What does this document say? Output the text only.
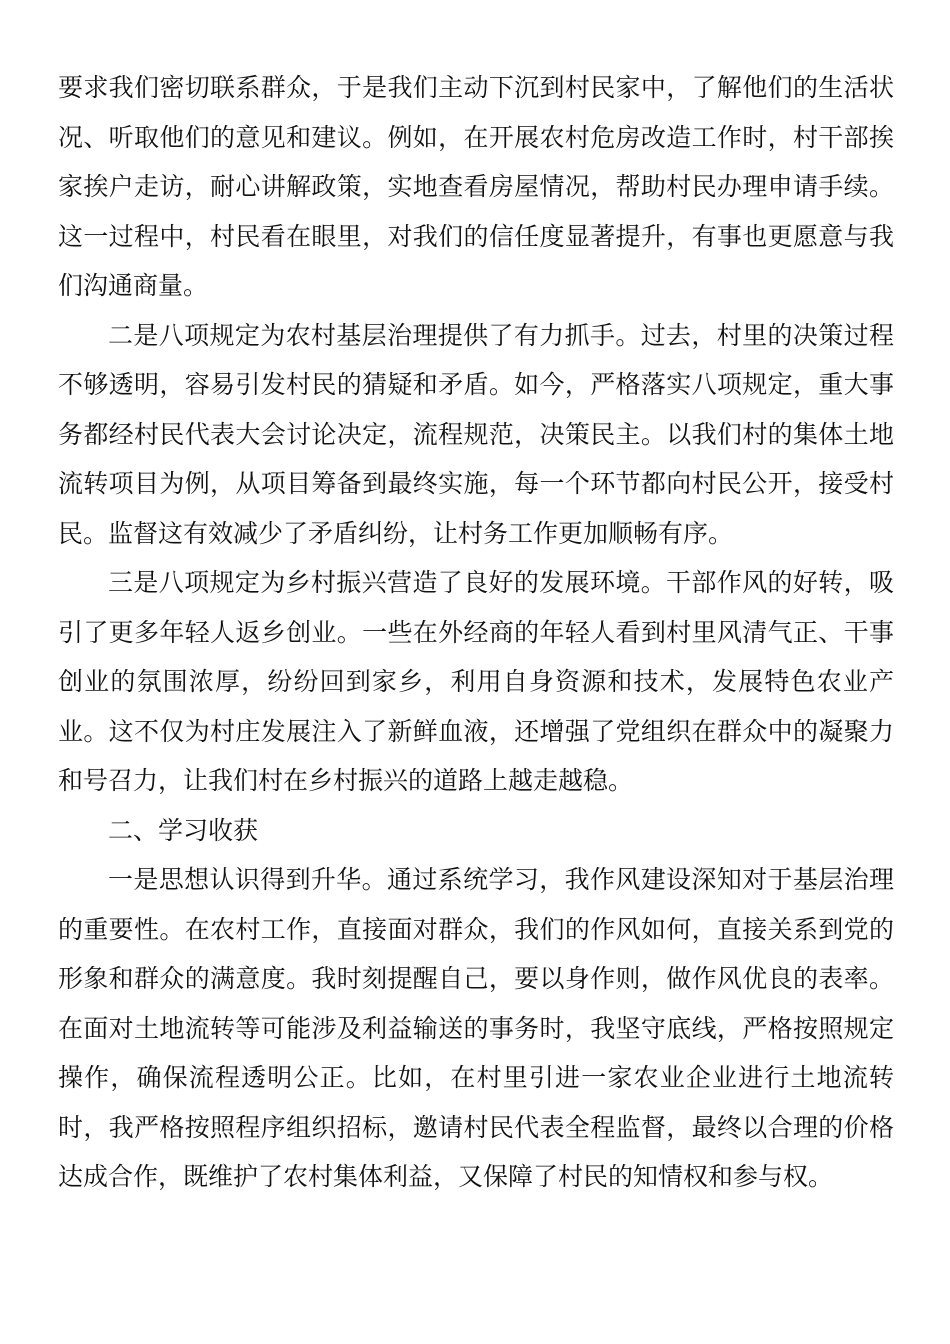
要求我们密切联系群众，于是我们主动下沉到村民家中，了解他们的生活状况、听取他们的意见和建议。例如，在开展农村危房改造工作时，村干部挨家挨户走访，耐心讲解政策，实地查看房屋情况，帮助村民办理申请手续。这一过程中，村民看在眼里，对我们的信任度显著提升，有事也更愿意与我们沟通商量。

二是八项规定为农村基层治理提供了有力抓手。过去，村里的决策过程不够透明，容易引发村民的猜疑和矛盾。如今，严格落实八项规定，重大事务都经村民代表大会讨论决定，流程规范，决策民主。以我们村的集体土地流转项目为例，从项目筹备到最终实施，每一个环节都向村民公开，接受村民。监督这有效减少了矛盾纠纷，让村务工作更加顺畅有序。

三是八项规定为乡村振兴营造了良好的发展环境。干部作风的好转，吸引了更多年轻人返乡创业。一些在外经商的年轻人看到村里风清气正、干事创业的氛围浓厚，纷纷回到家乡，利用自身资源和技术，发展特色农业产业。这不仅为村庄发展注入了新鲜血液，还增强了党组织在群众中的凝聚力和号召力，让我们村在乡村振兴的道路上越走越稳。

二、学习收获

一是思想认识得到升华。通过系统学习，我作风建设深知对于基层治理的重要性。在农村工作，直接面对群众，我们的作风如何，直接关系到党的形象和群众的满意度。我时刻提醒自己，要以身作则，做作风优良的表率。在面对土地流转等可能涉及利益输送的事务时，我坚守底线，严格按照规定操作，确保流程透明公正。比如，在村里引进一家农业企业进行土地流转时，我严格按照程序组织招标，邀请村民代表全程监督，最终以合理的价格达成合作，既维护了农村集体利益，又保障了村民的知情权和参与权。
